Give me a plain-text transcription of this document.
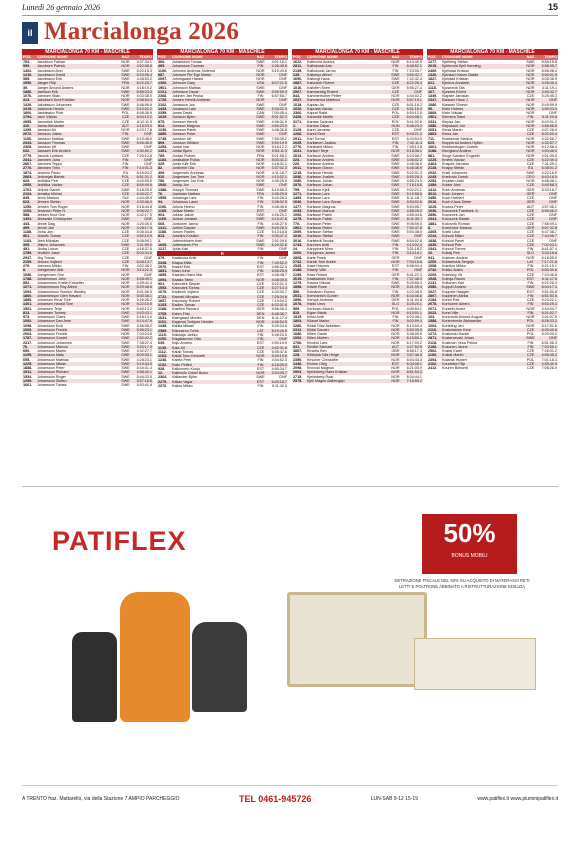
Lunedì 26 gennaio 2026	15
il Marcialonga 2026
MARCIALONGA 70 KM - MASCHILE
POS	COGNOME NOME	NAZ	TEMPO
753.	Jacobson Fabian	NOR	4:37:34.1
999.	Jacobsen Patrick	NOR	4:52:08.8
1402.	Jacobsson Axel	SWE	5:22:15.3
1410.	Jacobsson David	SWE	5:23:06.4
985.	Jacobsson Erik	SWE	4:48:53.2
1996.	Jaeger Filip	FRA	6:22:25.7
39.	Jaeger Amund Anders	NOR	4:18:10.2
1886.	Jamison Erik	SWE	6:56:33.3
1076.	Jahnsen Stian	NOR	5:03:38.0
313.	Jakobsen Knut Kristian	NOR	4:08:54.3
1320.	Jakobsson Johannes	SWE	5:46:06.6
1019.	Jalanovic Henrik	SWE	5:10:02.2
1800.	Jankiewicz Piotr	POL	8:48:36.9
1794.	Jann Václav	CZE	8:04:10.2
2855.	Janoušek Martin	CZE	8:12:11.9
416.	Jansa Alexander	AUT	4:15:33.0
1295.	Jansson Ari	NOR	5:23:17.8
2672.	Jansson Jukka	FIN	DNF
1150.	Jansson Mattias	SWE	5:15:48.0
2344.	Jansson Thomas	SWE	6:55:46.0
2365.	Jansson Ulf	SWE	DNF
632.	Janssen Erik Anders	SWE	4:30:50.2
2779.	Jarosik Ludislav	CZE	7:20:12.8
2341.	Jarvinen Juha	FIN	DNF
2867.	Jarvinen Teppo	FIN	DNF
2770.	Järvinen Timo	FIN	7:14:01.3
1874.	Jeannin Paolo	ITA	8:16:04.2
2863.	Jedrzejak Bartek	POL	8:51:31.2
825.	Jedlička Petr	CZE	4:43:05.5
2955.	Jedlička Václav	CZE	8:59:49.6
1761.	Jelinek Daniel	SWE	5:18:29.0
2104.	Jenatka Michal	CZE	6:40:22.7
845.	Jenni Markus	SUI	4:44:49.9
623.	Jensen Stefan	NOR	4:30:46.0
1250.	Jensen Tom Roger	NOR	5:18:44.8
1103.	Jentzsch Peter H.	NOR	5:06:02.7
588.	Jessen Knut Ove	NOR	4:42:17.5
1491.	Jeżewski Christopher	SWE	DNF
443.	Jevne Dag	NOR	4:20:30.0
499.	Jevne Jan	NOR	4:28:17.5
1188.	Jícha Jan	CZE	5:08:34.8
961.	Jiráněk Tomas	CZE	4:52:19.9
1183.	Jirek Miloslav	CZE	5:08:09.1
355.	Jitkero Johannes	SWE	3:41:59.0
491.	Jindra Lubos	CZE	4:18:37.5
1789.	Jindřich Josef	CZE	6:03:34.6
2947.	Jirg Tomas	CZE	DNF
2199.	Jirovec Vojtech	CZE	6:48:13.7
276.	Joensuu Mikko	FIN	4:02:38.2
8.	Joergensen Atle	NOR	3:14:22.3
1096.	Joergensen Ove	NOR	DNF
1788.	Johanneson John	NOR	5:28:49.1
852.	Johannesen Kristin Kristoffer	NOR	4:39:42.4
1071.	Johannesson Roy Alfred	NOR	6:29:48.8
1054.	Johannesson Sverker Westby	NOR	5:01:06.5
1860.	Johannesson Glen Havard	NOR	5:40:38.1
1885.	Johansen Einar Tore	NOR	5:26:35.2
1401.	Johansen Harald Tore	NOR	5:22:10.9
1501.	Johansen Terje	NOR	5:40:13.2
813.	Johansen Tommy	SWE	4:43:43.1
973.	Johansson Claes	SWE	5:18:13.0
1092.	Johansson Dan Arne	SWE	6:14:47.6
1098.	Johansson Emil	SWE	5:56:08.2
1009.	Johansson Fredrik	SWE	5:56:23.1
2003.	Johansson Fredrik	NOR	7:03:24.5
1787.	Johansson Gustaf	SWE	2:52:42.2
2317.	Johansson Johannes	SWE	7:38:27.4
76.	Johansson Marcus	SWE	3:43:17.3
650.	Johansson Martin	SWE	4:32:27.7
1195.	Johansson Mats	SWE	8:09:05.1
655.	Johansson Mathias	SWE	4:28:23.1
1225.	Johansson Niklas	SWE	5:19:44.0
1888.	Johansson Peter	SWE	8:44:31.4
1911.	Johansson Richard	SWE	4:58:42.1
1534.	Johansson Roger	SWE	5:44:33.5
1299.	Johansson Stefan	SWE	5:57:18.8
1661.	Johansson Tobias	SWE	5:53:41.6
MARCIALONGA 70 KM - MASCHILE
POS	COGNOME NOME	NAZ	TEMPO
366.	Johansson Tomas	SWE	4:01:16.1
485.	Johansson Tuomas	FIN	4:26:45.8
1196.	Johnsen Andreas Sollerud	NOR	5:10:43.6
887.	Johnsen Per Egil Martin	NOR	DNF
2097.	Johnsgaard Harald	NOR	DNF
1306.	Johnson Gary	USA	6:07:21.5
1961.	Johnsson Mattias	SWE	DNF
2101.	Johnsson Oscar	SWE	5:59:59.9
2366.	Jokinen Jari Pekka	FIN	6:57:58.7
1729.	Jonsen Henrik Andreas	NOR	DNF
2102.	Jonasson Jan	SWE	DNF
1443.	Jonasson Lars	SWE	5:34:02.0
2359.	Jones David	CAN	7:00:45.4
1029.	Jonsson Björn	SWE	5:01:52.3
875.	Jonsson Henrik	SWE	4:46:31.9
914.	Jonsson Magnus	SWE	4:50:23.0
1230.	Jonsson Patrik	SWE	4:48:36.8
2880.	Jonsson Peter	SWE	DNF
1745.	Jonsson Ulf	SWE	7:55:39.2
899.	Jonsson William	SWE	5:50:19.9
1253.	Jordal Ivar	NOR	5:18:12.2
1451.	Jordal Bjørn	NOR	5:53:11.0
789.	Jordan Robert	FRA	5:01:58.2
1183.	Jordbakke Rufus	NOR	5:03:41.1
425.	Jorde Kife Erik	NOR	4:18:31.1
82.	Jordheim Ola	NOR	3:37:02.3
409.	Jorgensen Andreas	NOR	4:11:16.7
510.	Jorgensen Jon Tore	NOR	4:10:02.1
756.	Jorgensen Jon Erik	NOR	4:35:25.5
1940.	Joruip Jon	SWE	DNF
1388.	Joseph Thomas	SWE	6:19:58.3
76.	Juaristan Nathan	FRA	3:36:29.5
1555.	Juharinga Lars	FIN	5:40:28.3
94.	Juhansuu Lassi	FIN	3:38:02.5
1196.	Juhola Heimo	FIN	4:48:46.8
1185.	Jullaar Martin	EST	DNF
904.	Jukkar Jakob	SWE	4:26:20.2
1169.	Junkar Jonatan	SWE	4:15:47.8
665.	Juntunen Jarmo	FIN	4:45:27.5
1411.	Jurlich Claude	SWE	5:40:26.0
1188.	Jursen Radim	CZE	5:13:18.8
813.	Juselius Kristian	FIN	3:30:47.2
2.	Juttensbloem Axel	SWE	2:51:09.6
1665.	Juttenstrom Per	SWE	6:20:32.6
1217.	Jyhla Kari	FIN	DNF
K
879.	Kaakkosa Antti	FIN	DNF
2348.	Kaapa Mika	FIN	7:40:52.2
1976.	Kaarel Erki	EST	4:56:32.3
1891.	Kaari Juha	FIN	6:06:25.9
1895.	Kaaristo Hans Mai	EST	4:08:48.7
1694.	Kaasta Stein	NOR	4:48:09.6
901.	Kaboutek Stepan	CZE	5:22:01.3
1553.	Kaboutek Tomas	CZE	5:27:14.4
1075.	Kadlecik Vojtech	CZE	4:33:00.7
2722.	Kacnek Miroslav	CZE	7:25:34.8
1857.	Kacovsky Robert	CZE	7:19:04.3
2103.	Kadlec Tomas	CZE	6:32:01.6
1188.	Kaefbrn Richard	GER	9:56:36.3
1765.	Kahm Fritz	DEN	5:48:36.7
1631.	Kaergaard Morten	DEN	6:11:17.4
1101.	Kagerud Torbjorn Hender	NOR	4:46:54.5
1435.	Kahila Mikael	FIN	5:29:33.6
2389.	Kainuaron Toms	LAT	8:19:26.6
1115.	Kaiklaija Jarkko	FIN	5:46:03.0
2200.	Kaigalanovic Otto	FIN	DNF
639.	Kaju Andres	EST	4:50:19.9
1145.	Kala Jiri	CZE	4:42:31.6
1112.	Kalab Tomas	CZE	5:05:47.6
1163.	Kalda Tonu Kenneth	NOR	5:40:19.8
1238.	Kaleta Petri	FIN	4:54:52.3
1132.	Kalin Petteri	FIN	6:18:05.9
928.	Kallunneto Kuujo	EST	4:50:34.7
12.	Kallesnik Odvar Braur	NOR	3:24:05.7
2364.	Kallander Björn	SWE	DNF
2279.	Kallas Vagar	EST	6:40:18.7
2376.	Kallas Mikko	FIN	9:11:42.0
MARCIALONGA 70 KM - MASCHILE
POS	COGNOME NOME	NAZ	TEMPO
1622.	Kallevold Anders	NOR	6:14:40.9
2811.	Kalliokoski Arto	FIN	6:48:52.1
2139.	Kalliokoski Jarmo	FIN	7:23:05.7
135.	Kallsmyr Alfred	SWE	3:50:42.7
1690.	Kallungi Hans	SWE	7:42:42.4
2887.	Kalousek Robert	CZE	8:22:26.3
1016.	Kaltofen Sven	GER	5:56:27.4
2507.	Kammerdig Robert	CZE	DNF
844.	Kammerhuber Petter	NOR	4:44:02.2
2037.	Kammerud Martinus	NOR	5:57:19.1
1018.	Kaplan Jiri	CZE	6:01:18.2
1026.	Kapusta Václav	CZE	5:51:15.3
2366.	Kapral Rafal	POL	6:50:12.5
2428.	Karandik Martin	CZE	6:04:08.1
3171.	Kardas Tadeusz	POL	9:41:02.6
1.	Kardos Oskar	HUN	5:48:20.2
2129.	Karel Jaroslav	CZE	DNF
1268.	Karell Kent	EST	6:44:21.2
2911.	Kari Tormo	EST	6:24:54.5
2025.	Karilainen Jaakko	FIN	7:42:11.4
2776.	Karislahti Mikko	FIN	7:45:13.8
1641.	Karlsen Terje	NOR	5:18:38.1
2013.	Karlsson Anders	SWE	6:24:06.7
223.	Karlsson Anders	SWE	3:46:02.2
226.	Karlsson Anders	SWE	4:48:38.9
2011.	Karlsson Göran	SWE	6:48:36.9
1215.	Karlsson Henrik	SWE	5:22:01.3
1036.	Karlsson Joakim	SWE	5:53:28.3
1080.	Karlsson Johan	SWE	4:55:24.5
1976.	Karlsson Johan	SWE	7:18:15.8
799.	Karlsson Kjell	SWE	9:02:21.1
1271.	Karlsson Lars	SWE	5:19:58.6
1483.	Karlsson Lars	SWE	6:11:18.7
1036.	Karlsson Lars Goran	SWE	5:54:02.6
1477.	Karlsson Magnus	SWE	5:53:05.7
1033.	Karlsson Marcus	SWE	4:58:26.2
1006.	Karlsson Patrik	SWE	4:59:44.6
1279.	Karlsson Patrik	SWE	6:11:30.7
776.	Karlsson Peter	SWE	9:08:59.5
1961.	Karlsson Robin	SWE	7:52:47.8
1009.	Karlsson Stefan	SWE	5:54:38.5
1016.	Karlsson Stefan	SWE	DNF
3016.	Karlstedt Teodor	SWE	8:54:02.8
1743.	Karonen Antti	FIN	4:14:02.4
24.	Karppinen Mirro	FIN	3:31:18.2
1000.	Karppinen Jarmo	FIN	3:14:16.1
2808.	Karte Frank	GER	DNF
2742.	Karvik Tom Andre	NOR	7:04:15.6
2545.	Kase Hannes	EST	6:58:04.4
2188.	Kasnyi Ville	FIN	DNF
2199.	Kass Robert	GER	6:41:22.3
2615.	Kastikainen Kari	FIN	7:37:48.9
1279.	Kavina Nikolai	SWE	5:29:55.3
1898.	Kavlie Rune	NOR	5:41:09.4
559.	Keinänen Kimmo	FIN	4:22:38.9
2031.	Kemmerich Gunter	NOR	6:34:06.6
1896.	Kempe Andreas	GER	6:11:04.8
1078.	Kepic Uros	SLO	5:25:20.1
589.	Kerbusio Marcin	POL	4:09:54.1
815.	Kigen Mads	NOR	6:10:01.1
1515.	Kiiski Antti	FIN	6:03:48.2
1803.	Kilavet Marko	FIN	9:02:59.4
2286.	Kildal Olav Askelsen	NOR	6:13:54.4
2312.	Kildal Sander	NOR	6:53:39.0
1086.	Killen Gaute	NOR	5:38:09.5
1092.	Killen Morten	NOR	6:15:55.1
2766.	Kindrici Lars	NOR	6:17:09.2
631.	Kindler Michael	AUT	4:27:53.9
3867.	Kirsella Ben	GBR	8:58:17.4
128.	Kirkback Nils Helge	NOR	3:57:46.5
2350.	Kirscher Christoffer	NOR	6:54:43.3
1446.	Kiviloo Oleg	EST	6:34:08.1
2098.	Kivivold Magnus	NOR	6:21:05.9
2903.	Kjeldsberg Hans Kristian	NOR	8:51:54.3
2715.	Kjeldsberg Roar	NOR	8:34:44.1
2575.	Kjell Magne Aalbergsjo	NOR	7:18:55.2
MARCIALONGA 70 KM - MASCHILE
POS	COGNOME NOME	NAZ	TEMPO
1277.	Kjellberg Stefan	SWE	5:59:15.8
2015.	Kjellevold Kjell Henning	NOR	5:58:35.7
2460.	Kjellstad Kristian	NOR	6:56:08.4
1326.	Kjerstad Haken Bakke	NOR	5:50:01.9
1827.	Kjelstad Kristian	NOR	5:05:38.9
621.	Kjerkus Annstein	NOR	4:26:40.4
1115.	Kjosnevik Ola	NOR	4:11:19.1
167.	Kjosnes Eivind	NOR	3:40:32.7
1349.	Klapste Jaroslav	CZE	5:25:45.3
2347.	Klassen Hans J.	NOR	DNF
1086.	Klassen Shrewi	NOR	5:49:59.5
55.	Klein Hubrus	NOR	3:59:33.9
2869.	Klein Nikolai	NOR	DNF
1961.	Klemera Sami	FIN	5:11:20.6
2331.	Klepsa Jan	NOR	5:43:31.2
1986.	Klepsland Jon	NOR	4:56:56.5
2651.	Klesa Martin	CZE	4:07:26.9
2863.	Klima Jan	CZE	8:22:00.4
711.	Klokkervar Markus	NOR	4:32:06.7
625.	Klopperud Anders Hyllen	NOR	4:32:57.7
1061.	Klokkerstugen Jostein	NOR	6:12:58.4
1188.	Klungland Anders	NOR	4:53:46.0
981.	Kluge Karsten Engseth	NOR	4:51:09.5
1225.	Kmeto Václav	CZE	5:22:49.3
2464.	Knapek Jaroslav	CZE	7:11:29.2
2145.	Knapp Stefan	ITA	6:38:01.2
2032.	Knell Johannes	SWE	4:22:16.9
2245.	Knežović Damir	CRO	6:43:16.5
2253.	Knutsen Arild	NOR	6:46:48.1
1389.	Kobler Alex	CZE	5:40:58.3
1412.	Koch Andreas	GER	5:33:18.7
3012.	Koch Johann	GER	DNF
2450.	Koch Herbert	CZE	DNF
2016.	Koch Klaus Dieter	GER	DNF
1625.	Kocina Peter	AUT	4:57:46.1
1636.	Kocourek Frantisek Jr.	CZE	6:55:06.2
2856.	Kocourek Jan	CZE	DNF
2341.	Kocourek Radek	CZE	DNF
1881.	Kočovnik Roman	CZE	7:56:09.1
8.	Koechelor Markus	GER	5:57:32.8
2365.	Koeki Libor	CZE	6:47:38.7
2244.	Kohout Milan	CZE	7:44:56.7
1838.	Kohout Pavel	CZE	DNF
1835.	Kohout Petr	CZE	7:02:03.1
2341.	Kohout Tommi	FIN	8:41:57.4
16.	Kokalj Petr	SLO	3:34:18.6
941.	Kokinen Anders	NOR	6:16:55.9
1200.	Kolasinskis Sergejs	LAT	7:17:21.8
1008.	Kolnitov Mikko	FIN	6:21:15.1
2742.	Kokko Adam	POL	6:50:39.6
2205.	Kolevsky Vit	CZE	7:24:46.8
1928.	Kolmja Rauno	EST	6:11:17.6
2131.	Koltonen Kari	FIN	6:22:26.3
2086.	Koppel Anders	SWE	8:04:17.4
1027.	Koppele Haagen	EST	5:51:50.8
2807.	Koppinen Aleksi	FIN	6:51:53.5
2183.	Koren Petr	CZE	5:24:22.1
2075.	Korhonen Antero	FIN	5:53:29.3
2071.	Korseth Andre	NOR	4:44:04.7
2023.	Korsi Ville	FIN	6:21:02.7
103.	Korsmoth Amund August	NOR	3:41:07.5
1588.	Kortenbrede Aleksander	POL	6:26:33.2
1004.	Korteling Jarl	NOR	5:17:51.6
2116.	Koskelainen Kent	CZE	6:39:40.6
1272.	Koskinski Daniel	POL	5:20:00.0
2871.	Kostercevski Johan	SWE	DNF
2118.	Kostman Vesa Pekka	FIN	6:51:06.3
2166.	Kosonen Janne	FIN	7:03:55.1
2562.	Kostal Karel	CZE	7:26:01.2
1193.	Koštál Martin	CZE	4:55:45.2
2394.	Kotarak Hubert	POL	7:01:18.3
2162.	Koudelka Filip	CZE	4:55:40.9
2412.	Kourim Bohumil	CZE	7:06:26.9
PATIFLEX	50%
BONUS MOBILI
DETRAZIONE FISCALE DEL 50% SU ACQUISTO DI MATERASSI RETI LETTI E POLTRONE ABBINATO A RISTRUTTURAZIONE EDILIZIA
A TRENTO fraz. Mattarello, via della Stazione 7 AMPIO PARCHEGGIO	TEL 0461-945726	LUN-SAB 9-12 15-19	www.patiflex.it www.piuminipatiflex.it
